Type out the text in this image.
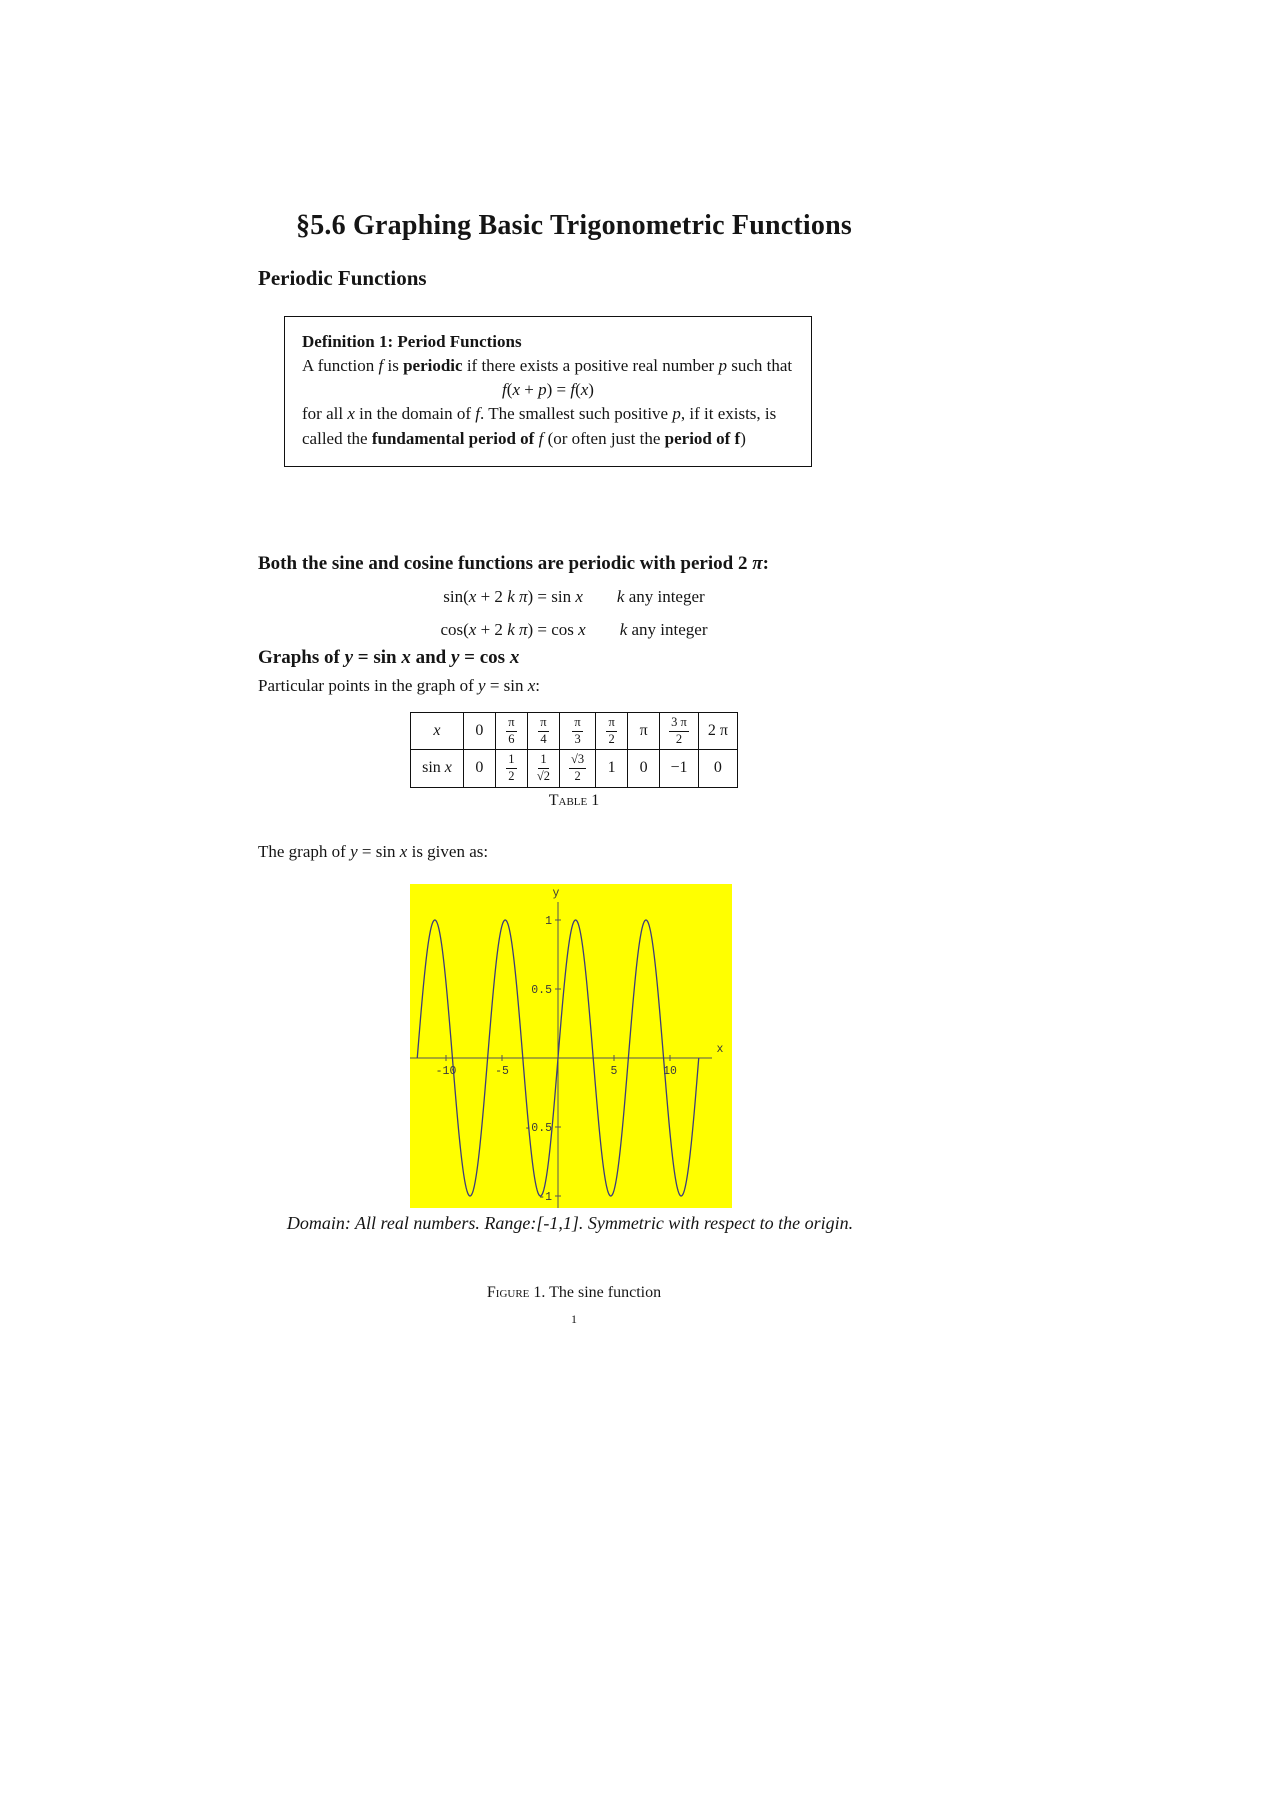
§5.6 Graphing Basic Trigonometric Functions
Periodic Functions
Definition 1: Period Functions
A function f is periodic if there exists a positive real number p such that
f(x + p) = f(x)
for all x in the domain of f. The smallest such positive p, if it exists, is called the fundamental period of f (or often just the period of f)
Both the sine and cosine functions are periodic with period 2 π:
sin(x + 2 k π) = sin x k any integer
cos(x + 2 k π) = cos x k any integer
Graphs of y = sin x and y = cos x
Particular points in the graph of y = sin x:
x	0	$\frac{\pi}{6}$	$\frac{\pi}{4}$	$\frac{\pi}{3}$	$\frac{\pi}{2}$	π	$\frac{3 \pi}{2}$	2 π
sin x	0	$\frac{1}{2}$	$\frac{1}{√2}$	$\frac{√3}{2}$	1	0	−1	0
Table 1
The graph of y = sin x is given as:
-10	-5	5	10
1
0.5
-0.5
-1
x
y
Domain: All real numbers. Range:[-1,1]. Symmetric with respect to the origin.
Figure 1. The sine function
1
